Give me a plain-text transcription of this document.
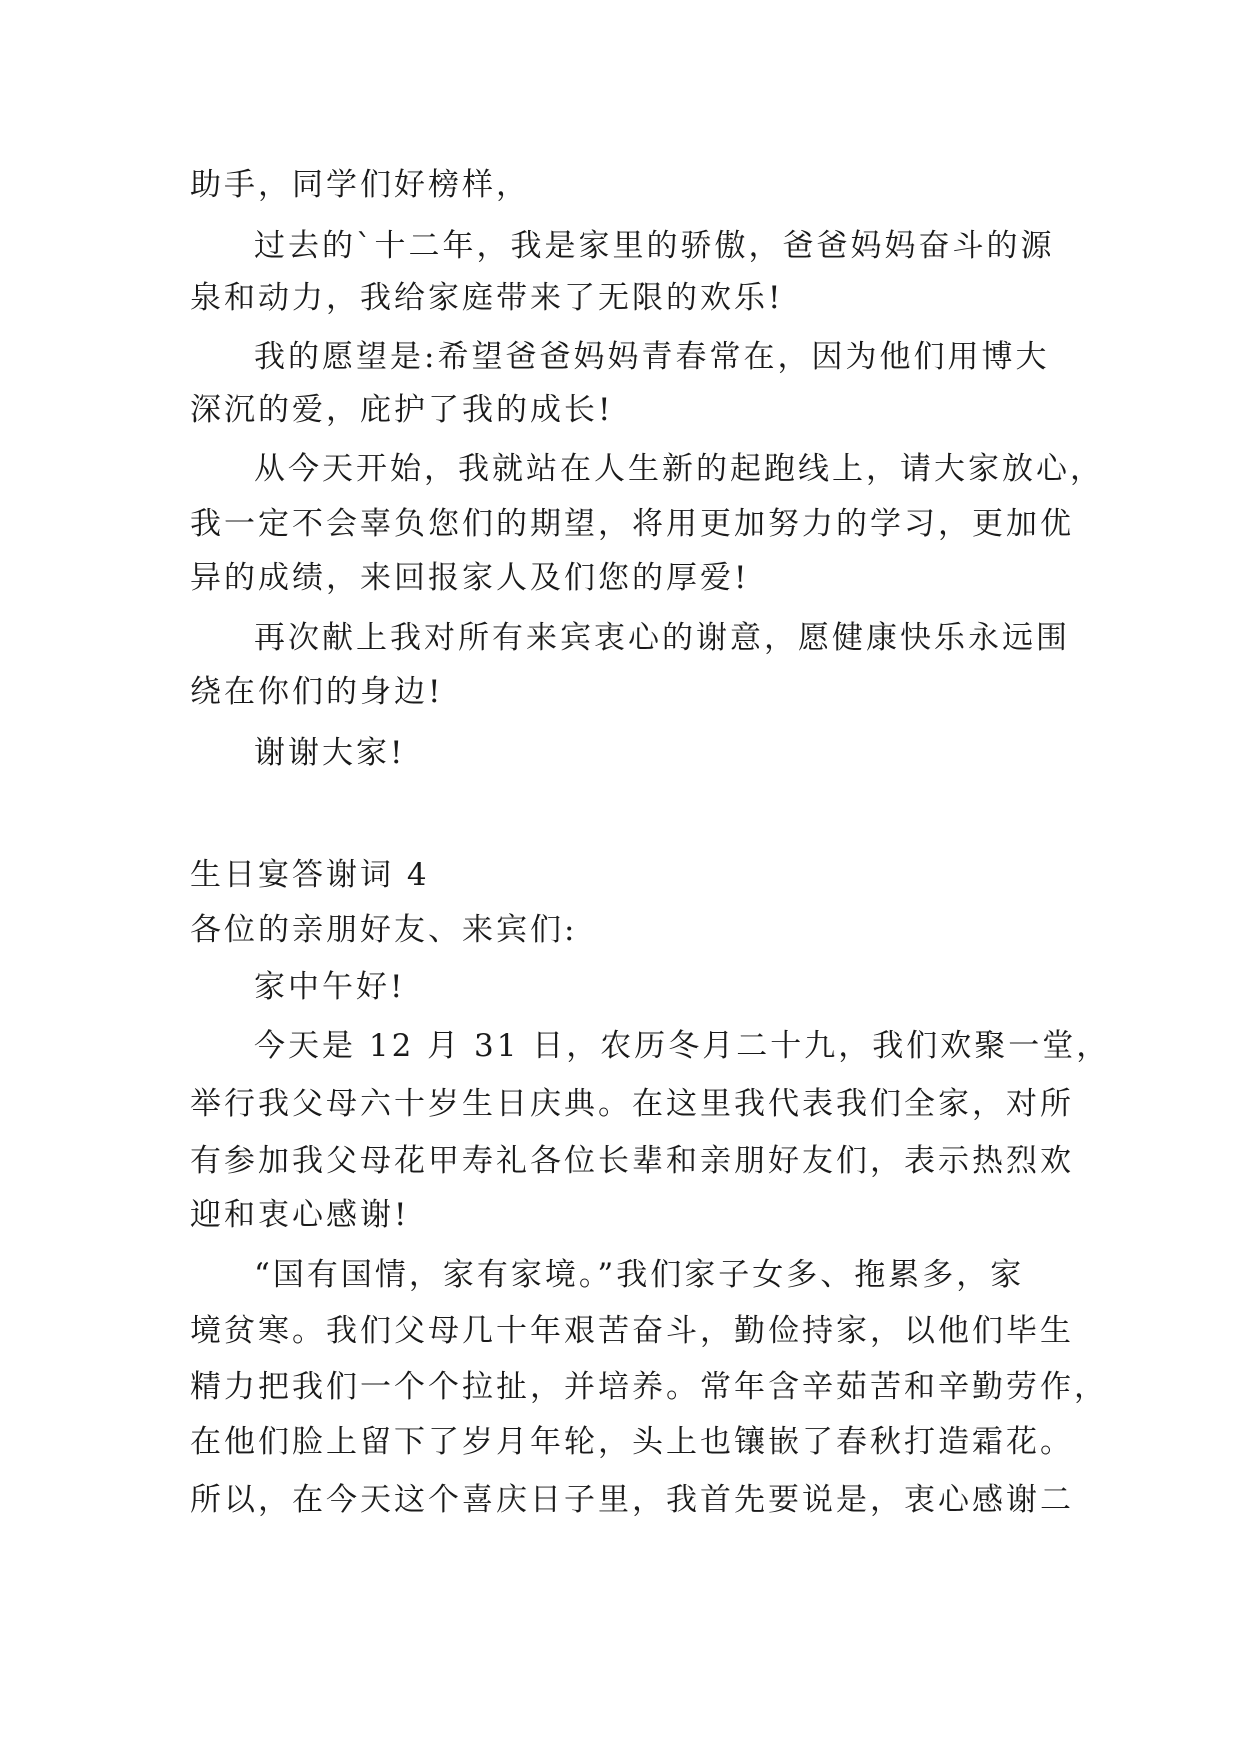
助手，同学们好榜样，
过去的`十二年，我是家里的骄傲，爸爸妈妈奋斗的源
泉和动力，我给家庭带来了无限的欢乐!
我的愿望是:希望爸爸妈妈青春常在，因为他们用博大
深沉的爱，庇护了我的成长!
从今天开始，我就站在人生新的起跑线上，请大家放心，
我一定不会辜负您们的期望，将用更加努力的学习，更加优
异的成绩，来回报家人及们您的厚爱!
再次献上我对所有来宾衷心的谢意，愿健康快乐永远围
绕在你们的身边!
谢谢大家!
生日宴答谢词 4
各位的亲朋好友、来宾们:
家中午好!
今天是 12 月 31 日，农历冬月二十九，我们欢聚一堂，
举行我父母六十岁生日庆典。在这里我代表我们全家，对所
有参加我父母花甲寿礼各位长辈和亲朋好友们，表示热烈欢
迎和衷心感谢!
“国有国情，家有家境。”我们家子女多、拖累多，家
境贫寒。我们父母几十年艰苦奋斗，勤俭持家，以他们毕生
精力把我们一个个拉扯，并培养。常年含辛茹苦和辛勤劳作，
在他们脸上留下了岁月年轮，头上也镶嵌了春秋打造霜花。
所以，在今天这个喜庆日子里，我首先要说是，衷心感谢二
